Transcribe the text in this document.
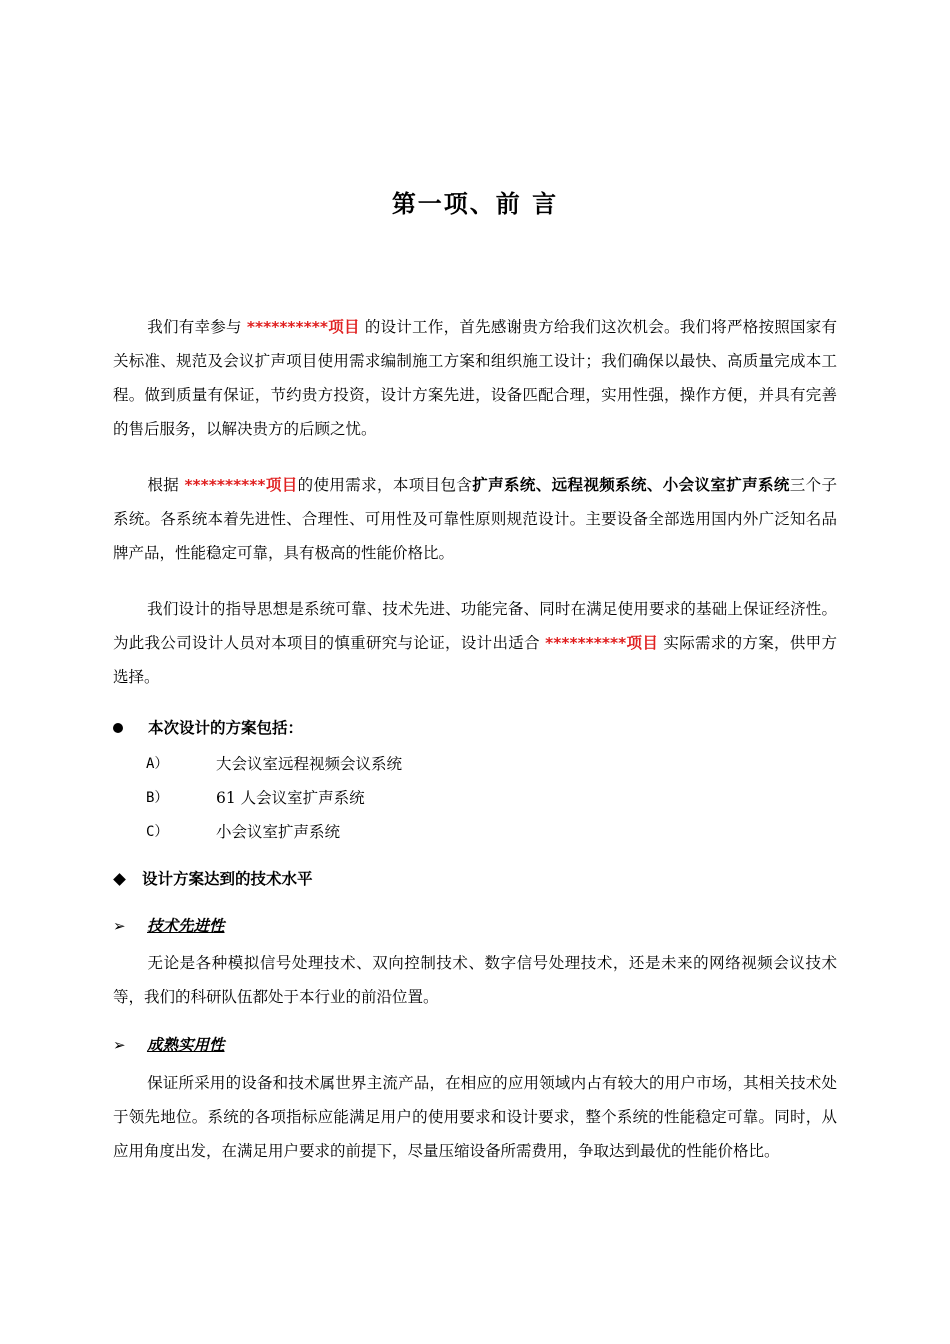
第一项、前 言
我们有幸参与 **********项目 的设计工作，首先感谢贵方给我们这次机会。我们将严格按照国家有关标准、规范及会议扩声项目使用需求编制施工方案和组织施工设计；我们确保以最快、高质量完成本工程。做到质量有保证，节约贵方投资，设计方案先进，设备匹配合理，实用性强，操作方便，并具有完善的售后服务，以解决贵方的后顾之忧。
根据 **********项目的使用需求，本项目包含扩声系统、远程视频系统、小会议室扩声系统三个子系统。各系统本着先进性、合理性、可用性及可靠性原则规范设计。主要设备全部选用国内外广泛知名品牌产品，性能稳定可靠，具有极高的性能价格比。
我们设计的指导思想是系统可靠、技术先进、功能完备、同时在满足使用要求的基础上保证经济性。为此我公司设计人员对本项目的慎重研究与论证，设计出适合 **********项目 实际需求的方案，供甲方选择。
本次设计的方案包括：
A）	大会议室远程视频会议系统
B）	61 人会议室扩声系统
C）	小会议室扩声系统
设计方案达到的技术水平
➢ 技术先进性
无论是各种模拟信号处理技术、双向控制技术、数字信号处理技术，还是未来的网络视频会议技术等，我们的科研队伍都处于本行业的前沿位置。
➢ 成熟实用性
保证所采用的设备和技术属世界主流产品，在相应的应用领域内占有较大的用户市场，其相关技术处于领先地位。系统的各项指标应能满足用户的使用要求和设计要求，整个系统的性能稳定可靠。同时，从应用角度出发，在满足用户要求的前提下，尽量压缩设备所需费用，争取达到最优的性能价格比。
